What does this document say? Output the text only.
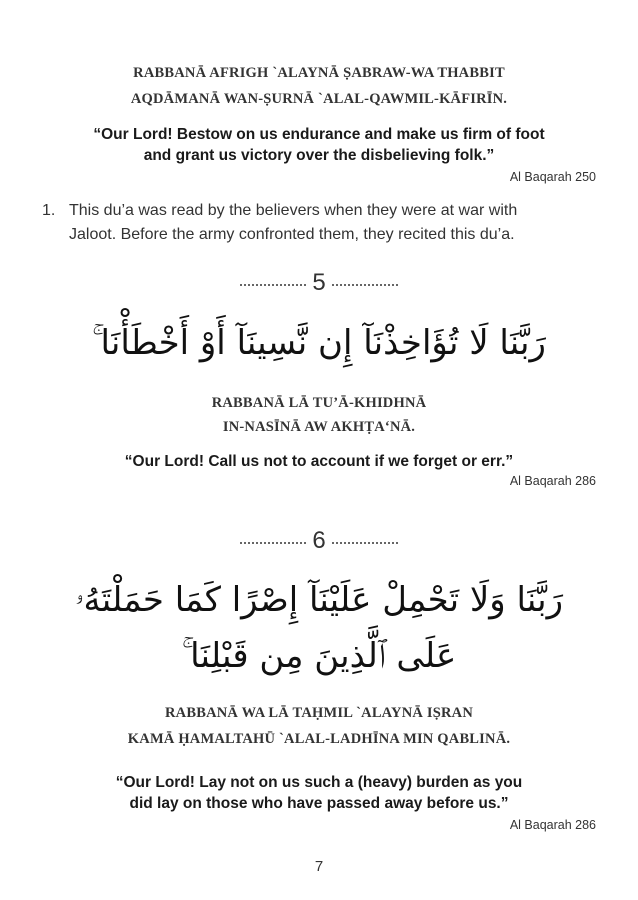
RABBANĀ AFRIGH `ALAYNĀ ṢABRAW-WA THABBIT
AQDĀMANĀ WAN-ṢURNĀ `ALAL-QAWMIL-KĀFIRĪN.
“Our Lord! Bestow on us endurance and make us firm of foot
and grant us victory over the disbelieving folk.”
Al Baqarah 250
1. This du’a was read by the believers when they were at war with
Jaloot. Before the army confronted them, they recited this du’a.
5
رَبَّنَا لَا تُؤَاخِذْنَآ إِن نَّسِينَآ أَوْ أَخْطَأْنَا ۚ
RABBANĀ LĀ TU’Ā-KHIDHNĀ
IN-NASĪNĀ AW AKHṬA‘NĀ.
“Our Lord! Call us not to account if we forget or err.”
Al Baqarah 286
6
رَبَّنَا وَلَا تَحْمِلْ عَلَيْنَآ إِصْرًا كَمَا حَمَلْتَهُۥ
عَلَى ٱلَّذِينَ مِن قَبْلِنَا ۚ
RABBANĀ WA LĀ TAḤMIL `ALAYNĀ IṢRAN
KAMĀ ḤAMALTAHŪ `ALAL-LADHĪNA MIN QABLINĀ.
“Our Lord! Lay not on us such a (heavy) burden as you
did lay on those who have passed away before us.”
Al Baqarah 286
7
